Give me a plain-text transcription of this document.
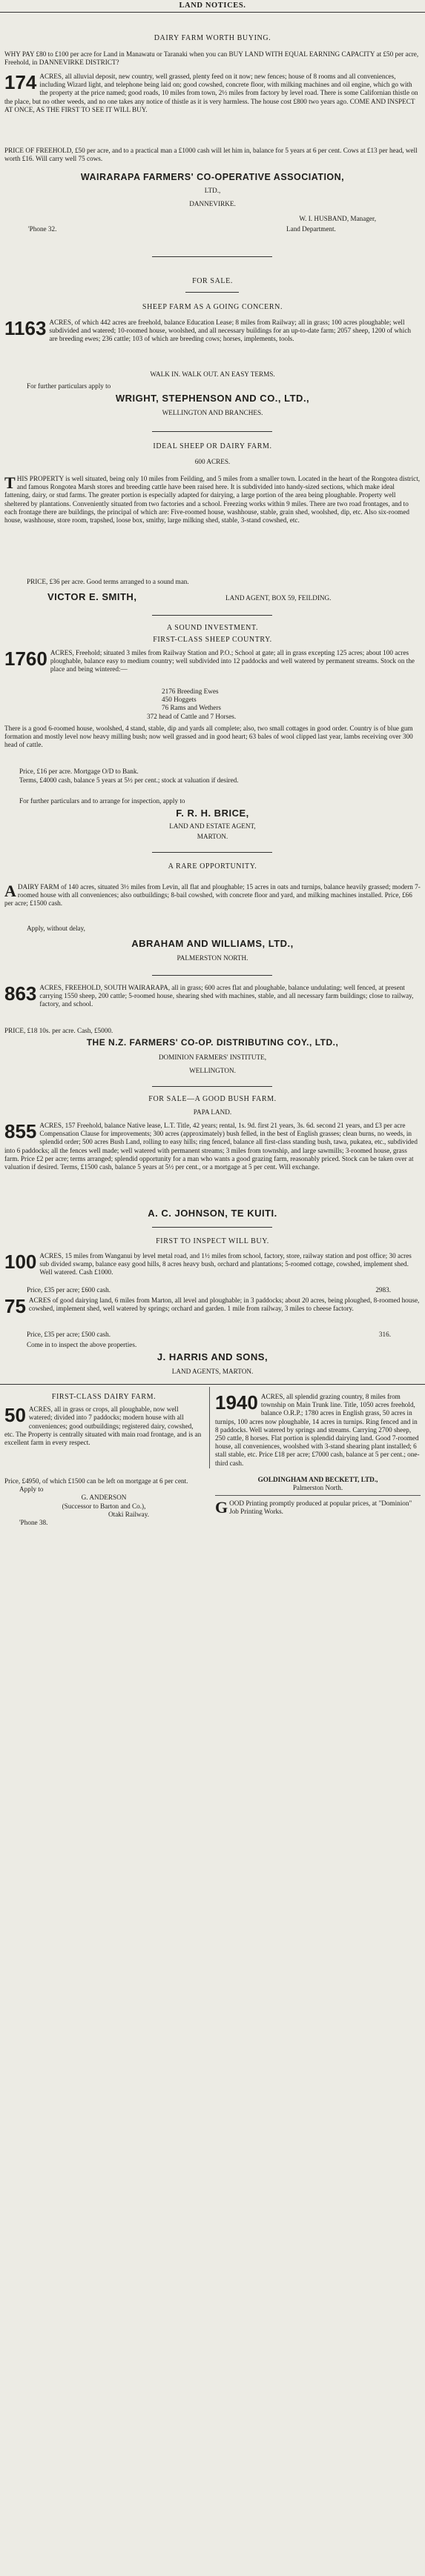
LAND NOTICES.
DAIRY FARM WORTH BUYING.
WHY PAY £80 to £100 per acre for Land in Manawatu or Taranaki when you can BUY LAND WITH EQUAL EARNING CAPACITY at £50 per acre, Freehold, in DANNEVIRKE DISTRICT?
174 ACRES, all alluvial deposit, new country, well grassed, plenty feed on it now; new fences; house of 8 rooms and all conveniences, including Wizard light, and telephone being laid on; good cowshed, concrete floor, with milking machines and oil engine, which go with the property at the price named; good roads, 10 miles from town, 2½ miles from factory by level road. There is some Californian thistle on the place, but no other weeds, and no one takes any notice of thistle as it is very harmless. The house cost £800 two years ago. COME AND INSPECT AT ONCE, AS THE FIRST TO SEE IT WILL BUY.
PRICE OF FREEHOLD, £50 per acre, and to a practical man a £1000 cash will let him in, balance for 5 years at 6 per cent. Cows at £13 per head, well worth £16. Will carry well 75 cows.
WAIRARAPA FARMERS' CO-OPERATIVE ASSOCIATION,
LTD.,
DANNEVIRKE.
W. I. HUSBAND, Manager,
'Phone 32.	Land Department.
FOR SALE.
SHEEP FARM AS A GOING CONCERN.
1163 ACRES, of which 442 acres are freehold, balance Education Lease; 8 miles from Railway; all in grass; 100 acres ploughable; well subdivided and watered; 10-roomed house, woolshed, and all necessary buildings for an up-to-date farm; 2057 sheep, 1200 of which are breeding ewes; 236 cattle; 103 of which are breeding cows; horses, implements, tools.
WALK IN. WALK OUT. AN EASY TERMS.
For further particulars apply to
WRIGHT, STEPHENSON AND CO., LTD.,
WELLINGTON AND BRANCHES.
IDEAL SHEEP OR DAIRY FARM.
600 ACRES.
T HIS PROPERTY is well situated, being only 10 miles from Feilding, and 5 miles from a smaller town. Located in the heart of the Rongotea district, and famous Rongotea Marsh stores and breeding cattle have been raised here. It is subdivided into handy-sized sections, which make ideal fattening, dairy, or stud farms. The greater portion is especially adapted for dairying, a large portion of the area being ploughable. Property well sheltered by plantations. Conveniently situated from two factories and a school. Freezing works within 9 miles. There are two road frontages, and to each frontage there are buildings, the principal of which are: Five-roomed house, washhouse, stable, grain shed, woolshed, dip, etc. Also six-roomed house, washhouse, store room, trapshed, loose box, smithy, large milking shed, stable, 3-stand cowshed, etc.
PRICE, £36 per acre. Good terms arranged to a sound man.
VICTOR E. SMITH,	LAND AGENT, BOX 59, FEILDING.
A SOUND INVESTMENT.
FIRST-CLASS SHEEP COUNTRY.
1760 ACRES, Freehold; situated 3 miles from Railway Station and P.O.; School at gate; all in grass excepting 125 acres; about 100 acres ploughable, balance easy to medium country; well subdivided into 12 paddocks and well watered by permanent streams. Stock on the place and being wintered:—
2176 Breeding Ewes
450 Hoggets
76 Rams and Wethers
372 head of Cattle and 7 Horses.
There is a good 6-roomed house, woolshed, 4 stand, stable, dip and yards all complete; also, two small cottages in good order. Country is of blue gum formation and mostly level now heavy milling bush; now well grassed and in good heart; 63 bales of wool clipped last year, lambs receiving over 300 head of cattle.
Price, £16 per acre. Mortgage O/D to Bank.
Terms, £4000 cash, balance 5 years at 5½ per cent.; stock at valuation if desired.
For further particulars and to arrange for inspection, apply to
F. R. H. BRICE,
LAND AND ESTATE AGENT,
MARTON.
A RARE OPPORTUNITY.
A DAIRY FARM of 140 acres, situated 3½ miles from Levin, all flat and ploughable; 15 acres in oats and turnips, balance heavily grassed; modern 7-roomed house with all conveniences; also outbuildings; 8-bail cowshed, with concrete floor and yard, and milking machines installed. Price, £66 per acre; £1500 cash.
Apply, without delay,
ABRAHAM AND WILLIAMS, LTD.,
PALMERSTON NORTH.
863 ACRES, FREEHOLD, SOUTH WAIRARAPA, all in grass; 600 acres flat and ploughable, balance undulating; well fenced, at present carrying 1550 sheep, 200 cattle; 5-roomed house, shearing shed with machines, stable, and all necessary farm buildings; close to railway, factory, and school.
PRICE, £18 10s. per acre. Cash, £5000.
THE N.Z. FARMERS' CO-OP. DISTRIBUTING COY., LTD.,
DOMINION FARMERS' INSTITUTE,
WELLINGTON.
FOR SALE—A GOOD BUSH FARM.
PAPA LAND.
855 ACRES, 157 Freehold, balance Native lease, L.T. Title, 42 years; rental, 1s. 9d. first 21 years, 3s. 6d. second 21 years, and £3 per acre Compensation Clause for improvements; 300 acres (approximately) bush felled, in the best of English grasses; clean burns, no weeds, in splendid order; 500 acres Bush Land, rolling to easy hills; ring fenced, balance all first-class standing bush, tawa, pukatea, etc., subdivided into 6 paddocks; all the fences well made; well watered with permanent streams; 3 miles from township, and large sawmills; 3-roomed house, grass farm. Price £2 per acre; terms arranged; splendid opportunity for a man who wants a good grazing farm, reasonably priced. Stock can be taken over at valuation if desired. Terms, £1500 cash, balance 5 years at 5½ per cent., or a mortgage at 5 per cent. Will exchange.
A. C. JOHNSON, TE KUITI.
FIRST TO INSPECT WILL BUY.
100 ACRES, 15 miles from Wanganui by level metal road, and 1½ miles from school, factory, store, railway station and post office; 30 acres sub divided swamp, balance easy good hills, 8 acres heavy bush, orchard and plantations; 5-roomed cottage, cowshed, implement shed. Well watered. Cash £1000.
Price, £35 per acre; £600 cash.	2983.
75 ACRES of good dairying land, 6 miles from Marton, all level and ploughable; in 3 paddocks; about 20 acres, being ploughed, 8-roomed house, cowshed, implement shed, well watered by springs; orchard and garden. 1 mile from railway, 3 miles to cheese factory.
Price, £35 per acre; £500 cash.	316.
Come in to inspect the above properties.
J. HARRIS AND SONS,
LAND AGENTS, MARTON.
FIRST-CLASS DAIRY FARM.
50 ACRES, all in grass or crops, all ploughable, now well watered; divided into 7 paddocks; modern house with all conveniences; good outbuildings; registered dairy, cowshed, etc. The Property is centrally situated with main road frontage, and is an excellent farm in every respect.
Price, £4950, of which £1500 can be left on mortgage at 6 per cent.
Apply to
G. ANDERSON
(Successor to Barton and Co.),
Otaki Railway.
'Phone 38.
1940 ACRES, all splendid grazing country, 8 miles from township on Main Trunk line. Title, 1050 acres freehold, balance O.R.P.; 1780 acres in English grass, 50 acres in turnips, 100 acres now ploughable, 14 acres in turnips. Ring fenced and in 8 paddocks. Well watered by springs and streams. Carrying 2700 sheep, 250 cattle, 8 horses. Flat portion is splendid dairying land. Good 7-roomed house, all conveniences, woolshed with 3-stand shearing plant installed; 6 stall stable, etc. Price £18 per acre; £7000 cash, balance at 5 per cent.; one-third cash.
GOLDINGHAM AND BECKETT, LTD.,
Palmerston North.
G OOD Printing promptly produced at popular prices, at "Dominion" Job Printing Works.
